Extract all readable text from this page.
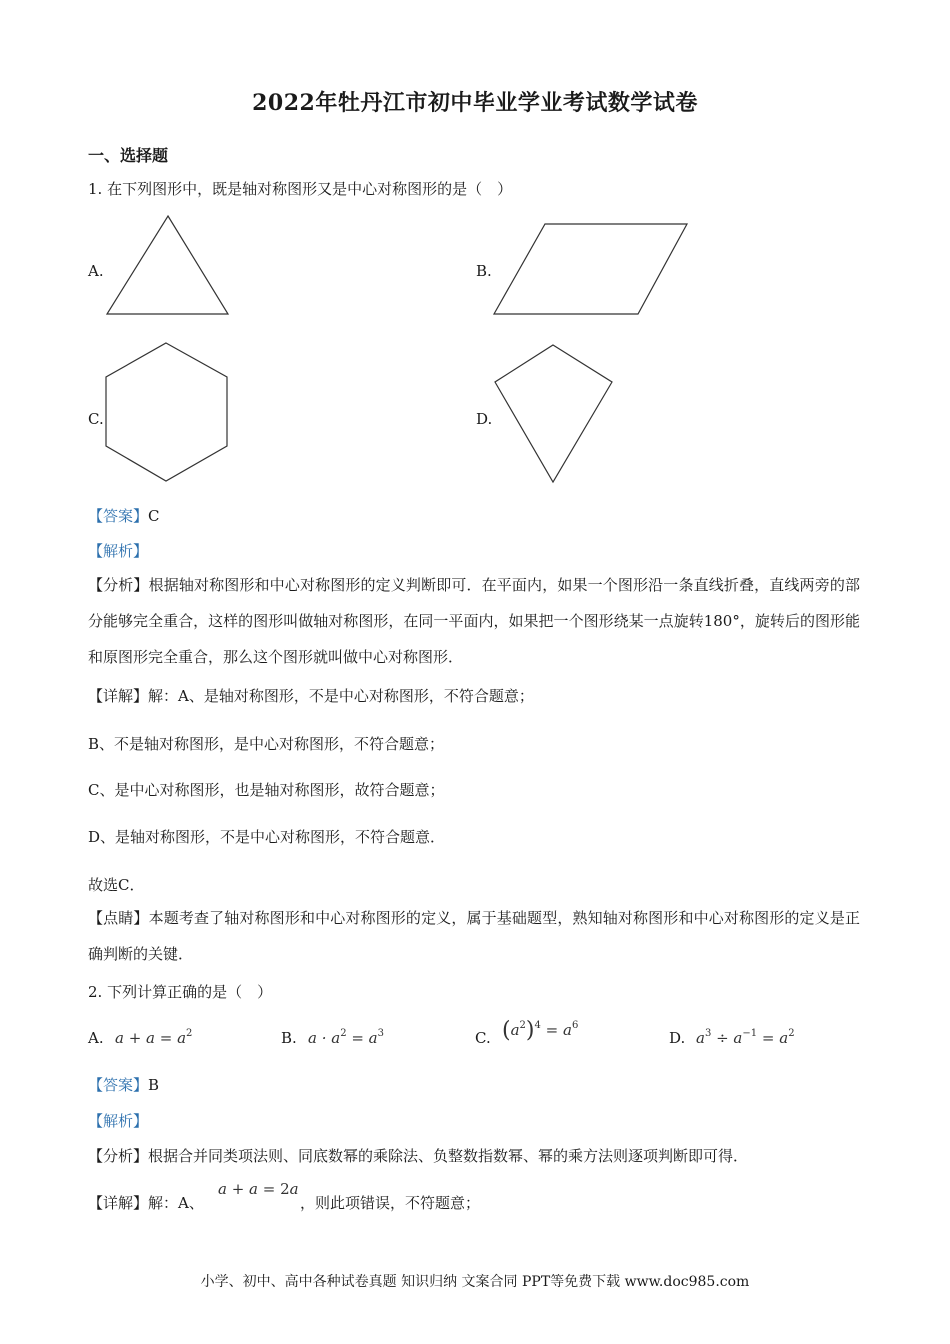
2022年牡丹江市初中毕业学业考试数学试卷
一、选择题
1. 在下列图形中，既是轴对称图形又是中心对称图形的是（　）
A.	B.
C.	D.
【答案】C
【解析】
【分析】根据轴对称图形和中心对称图形的定义判断即可．在平面内，如果一个图形沿一条直线折叠，直线两旁的部分能够完全重合，这样的图形叫做轴对称图形，在同一平面内，如果把一个图形绕某一点旋转180°，旋转后的图形能和原图形完全重合，那么这个图形就叫做中心对称图形．
【详解】解：A、是轴对称图形，不是中心对称图形，不符合题意；
B、不是轴对称图形，是中心对称图形，不符合题意；
C、是中心对称图形，也是轴对称图形，故符合题意；
D、是轴对称图形，不是中心对称图形，不符合题意．
故选C．
【点睛】本题考查了轴对称图形和中心对称图形的定义，属于基础题型，熟知轴对称图形和中心对称图形的定义是正确判断的关键．
2. 下列计算正确的是（　）
A. $a + a = a^2$	B. $a \cdot a^2 = a^3$	C. $(a^2)^4 = a^6$
D. $a^3 \div a^{-1} = a^2$
【答案】B
【解析】
【分析】根据合并同类项法则、同底数幂的乘除法、负整数指数幂、幂的乘方法则逐项判断即可得．
【详解】解：A、
a + a = 2a
，则此项错误，不符题意；
小学、初中、高中各种试卷真题 知识归纳 文案合同 PPT等免费下载 www.doc985.com
